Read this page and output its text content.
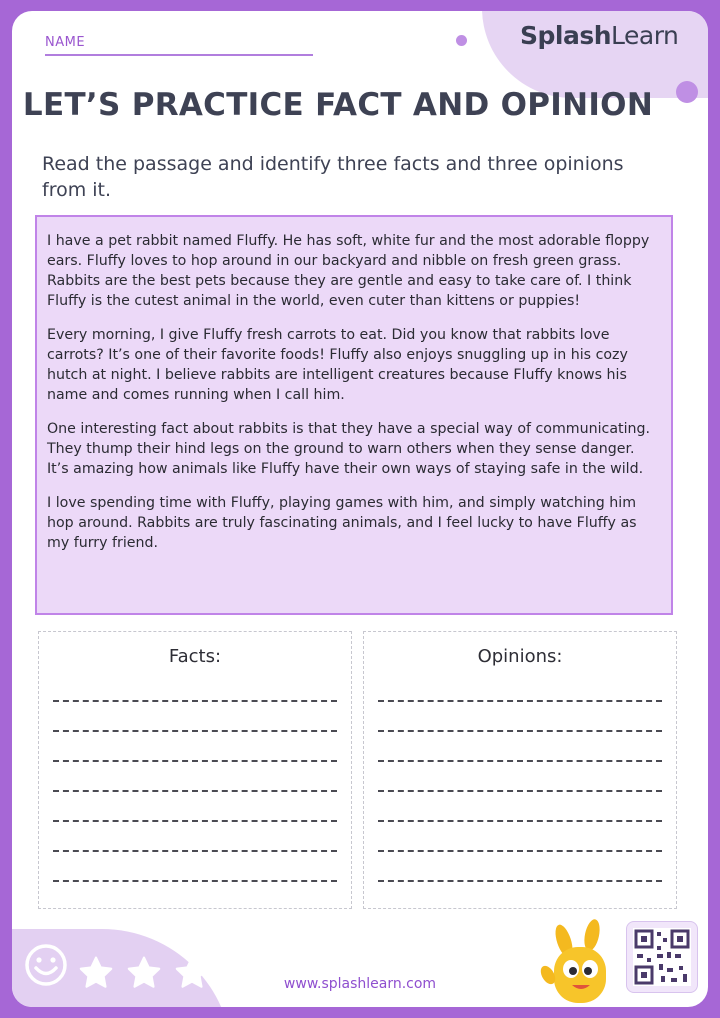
SplashLearn
NAME
LET’S PRACTICE FACT AND OPINION
Read the passage and identify three facts and three opinions from it.

I have a pet rabbit named Fluffy. He has soft, white fur and the most adorable floppy ears. Fluffy loves to hop around in our backyard and nibble on fresh green grass. Rabbits are the best pets because they are gentle and easy to take care of. I think Fluffy is the cutest animal in the world, even cuter than kittens or puppies!

Every morning, I give Fluffy fresh carrots to eat. Did you know that rabbits love carrots? It’s one of their favorite foods! Fluffy also enjoys snuggling up in his cozy hutch at night. I believe rabbits are intelligent creatures because Fluffy knows his name and comes running when I call him.

One interesting fact about rabbits is that they have a special way of communicating. They thump their hind legs on the ground to warn others when they sense danger. It’s amazing how animals like Fluffy have their own ways of staying safe in the wild.

I love spending time with Fluffy, playing games with him, and simply watching him hop around. Rabbits are truly fascinating animals, and I feel lucky to have Fluffy as my furry friend.

Facts:	Opinions:
www.splashlearn.com
